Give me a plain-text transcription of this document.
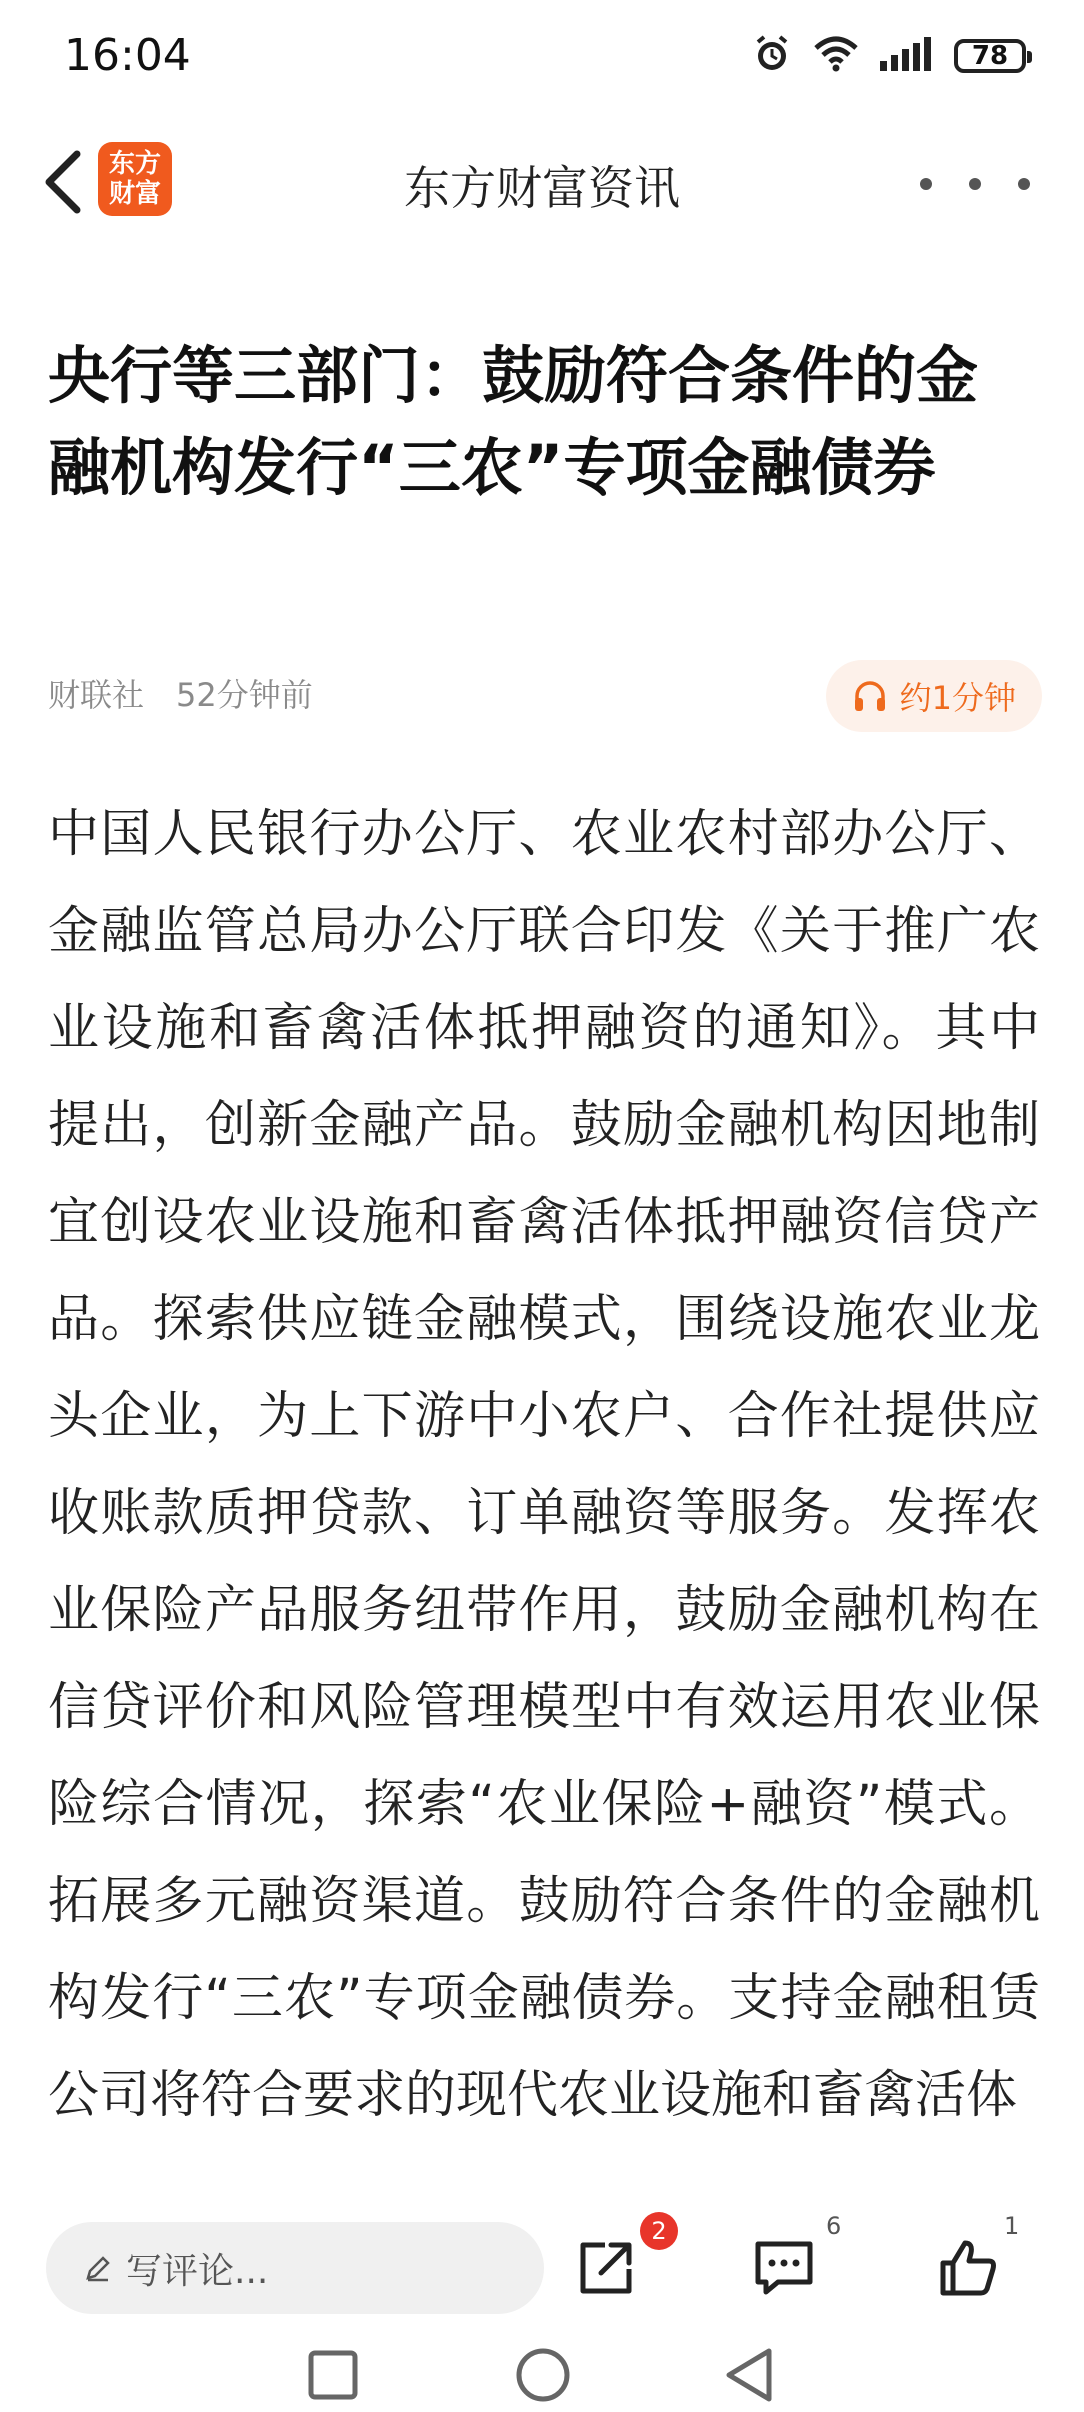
16:04	78
东方
财富	东方财富资讯
央行等三部门：鼓励符合条件的金融机构发行“三农”专项金融债券
财联社 52分钟前	约1分钟

中国人民银行办公厅、农业农村部办公厅、金融监管总局办公厅联合印发《关于推广农业设施和畜禽活体抵押融资的通知》。其中提出，创新金融产品。鼓励金融机构因地制宜创设农业设施和畜禽活体抵押融资信贷产品。探索供应链金融模式，围绕设施农业龙头企业，为上下游中小农户、合作社提供应收账款质押贷款、订单融资等服务。发挥农业保险产品服务纽带作用，鼓励金融机构在信贷评价和风险管理模型中有效运用农业保险综合情况，探索“农业保险+融资”模式。拓展多元融资渠道。鼓励符合条件的金融机构发行“三农”专项金融债券。支持金融租赁公司将符合要求的现代农业设施和畜禽活体

写评论...
2	6	1
